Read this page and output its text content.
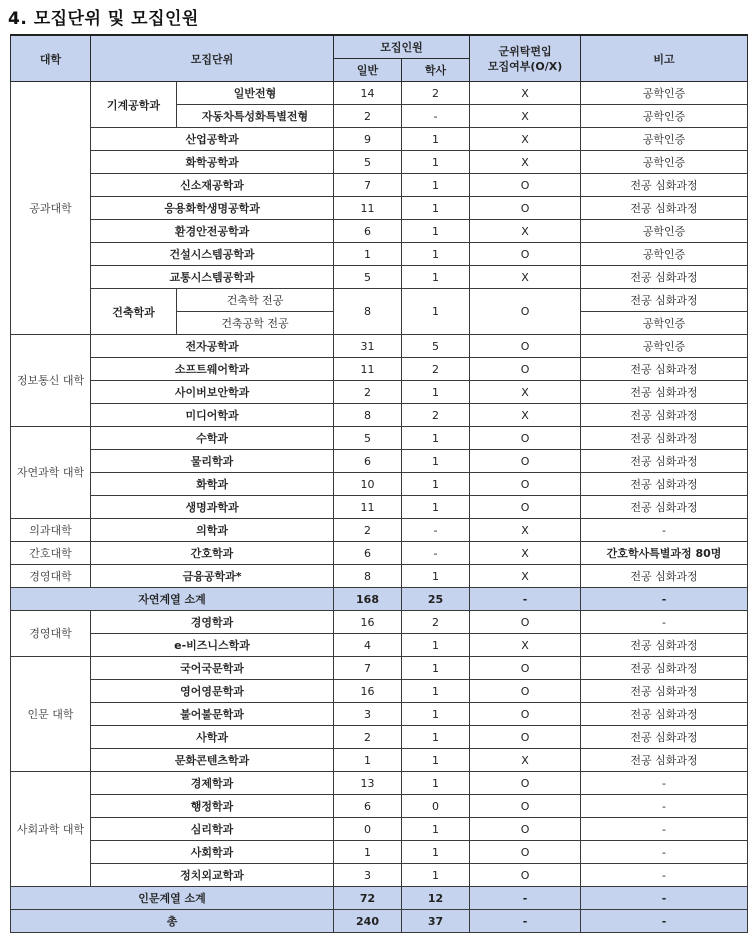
4. 모집단위 및 모집인원
대학	모집단위		모집인원		군위탁편입
모집여부(O/X)	비고
			일반	학사		
공과대학	기계공학과	일반전형	14	2	X	공학인증
		자동차특성화특별전형	2	-	X	공학인증
	산업공학과		9	1	X	공학인증
	화학공학과		5	1	X	공학인증
	신소재공학과		7	1	O	전공 심화과정
	응용화학생명공학과		11	1	O	전공 심화과정
	환경안전공학과		6	1	X	공학인증
	건설시스템공학과		1	1	O	공학인증
	교통시스템공학과		5	1	X	전공 심화과정
	건축학과	건축학 전공	8	1	O	전공 심화과정
		건축공학 전공				공학인증
정보통신 대학	전자공학과		31	5	O	공학인증
	소프트웨어학과		11	2	O	전공 심화과정
	사이버보안학과		2	1	X	전공 심화과정
	미디어학과		8	2	X	전공 심화과정
자연과학 대학	수학과		5	1	O	전공 심화과정
	물리학과		6	1	O	전공 심화과정
	화학과		10	1	O	전공 심화과정
	생명과학과		11	1	O	전공 심화과정
의과대학	의학과		2	-	X	-
간호대학	간호학과		6	-	X	간호학사특별과정 80명
경영대학	금융공학과*		8	1	X	전공 심화과정
자연계열 소계			168	25	-	-
경영대학	경영학과		16	2	O	-
	e-비즈니스학과		4	1	X	전공 심화과정
인문 대학	국어국문학과		7	1	O	전공 심화과정
	영어영문학과		16	1	O	전공 심화과정
	불어불문학과		3	1	O	전공 심화과정
	사학과		2	1	O	전공 심화과정
	문화콘텐츠학과		1	1	X	전공 심화과정
사회과학 대학	경제학과		13	1	O	-
	행정학과		6	0	O	-
	심리학과		0	1	O	-
	사회학과		1	1	O	-
	정치외교학과		3	1	O	-
인문계열 소계			72	12	-	-
총			240	37	-	-
